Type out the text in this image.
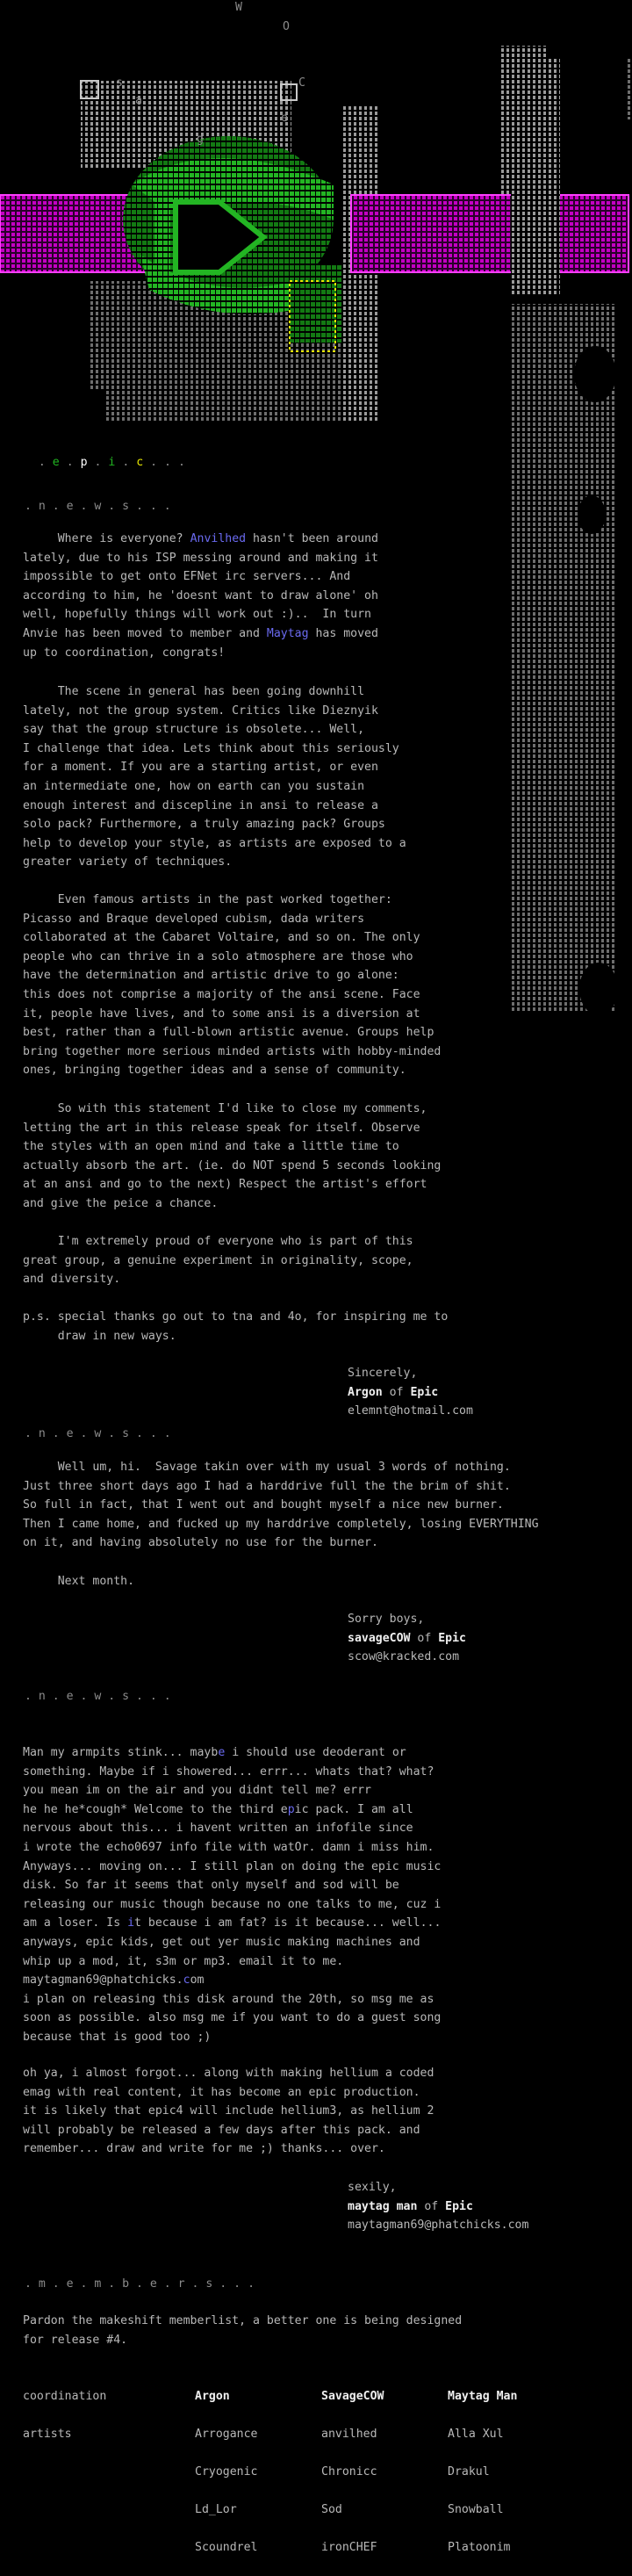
W
O
s	C
a
e
g

. e . p . i . c . . .

. n . e . w . s . . .
Where is everyone? Anvilhed hasn't been around
lately, due to his ISP messing around and making it
impossible to get onto EFNet irc servers... And
according to him, he 'doesnt want to draw alone' oh
well, hopefully things will work out :)..  In turn
Anvie has been moved to member and Maytag has moved
up to coordination, congrats!
The scene in general has been going downhill
lately, not the group system. Critics like Dieznyik
say that the group structure is obsolete... Well,
I challenge that idea. Lets think about this seriously
for a moment. If you are a starting artist, or even
an intermediate one, how on earth can you sustain
enough interest and discepline in ansi to release a
solo pack? Furthermore, a truly amazing pack? Groups
help to develop your style, as artists are exposed to a
greater variety of techniques.
Even famous artists in the past worked together:
Picasso and Braque developed cubism, dada writers
collaborated at the Cabaret Voltaire, and so on. The only
people who can thrive in a solo atmosphere are those who
have the determination and artistic drive to go alone:
this does not comprise a majority of the ansi scene. Face
it, people have lives, and to some ansi is a diversion at
best, rather than a full-blown artistic avenue. Groups help
bring together more serious minded artists with hobby-minded
ones, bringing together ideas and a sense of community.
So with this statement I'd like to close my comments,
letting the art in this release speak for itself. Observe
the styles with an open mind and take a little time to
actually absorb the art. (ie. do NOT spend 5 seconds looking
at an ansi and go to the next) Respect the artist's effort
and give the peice a chance.
I'm extremely proud of everyone who is part of this
great group, a genuine experiment in originality, scope,
and diversity.
p.s. special thanks go out to tna and 4o, for inspiring me to
draw in new ways.
Sincerely,
Argon of Epic
elemnt@hotmail.com
. n . e . w . s . . .
Well um, hi.  Savage takin over with my usual 3 words of nothing.
Just three short days ago I had a harddrive full the the brim of shit.
So full in fact, that I went out and bought myself a nice new burner.
Then I came home, and fucked up my harddrive completely, losing EVERYTHING
on it, and having absolutely no use for the burner.
Next month.
Sorry boys,
savageCOW of Epic
scow@kracked.com
. n . e . w . s . . .
Man my armpits stink... maybe i should use deoderant or
something. Maybe if i showered... errr... whats that? what?
you mean im on the air and you didnt tell me? errr
he he he*cough* Welcome to the third epic pack. I am all
nervous about this... i havent written an infofile since
i wrote the echo0697 info file with watOr. damn i miss him.
Anyways... moving on... I still plan on doing the epic music
disk. So far it seems that only myself and sod will be
releasing our music though because no one talks to me, cuz i
am a loser. Is it because i am fat? is it because... well...
anyways, epic kids, get out yer music making machines and
whip up a mod, it, s3m or mp3. email it to me.
maytagman69@phatchicks.com
i plan on releasing this disk around the 20th, so msg me as
soon as possible. also msg me if you want to do a guest song
because that is good too ;)
oh ya, i almost forgot... along with making hellium a coded
emag with real content, it has become an epic production.
it is likely that epic4 will include hellium3, as hellium 2
will probably be released a few days after this pack. and
remember... draw and write for me ;) thanks... over.
sexily,
maytag man of Epic
maytagman69@phatchicks.com
. m . e . m . b . e . r . s . . .
Pardon the makeshift memberlist, a better one is being designed
for release #4.
coordination	Argon	SavageCOW	Maytag Man
artists	Arrogance	anvilhed	Alla Xul
	Cryogenic	Chronicc	Drakul
	Ld_Lor	Sod	Snowball
	Scoundrel	ironCHEF	Platoonim
